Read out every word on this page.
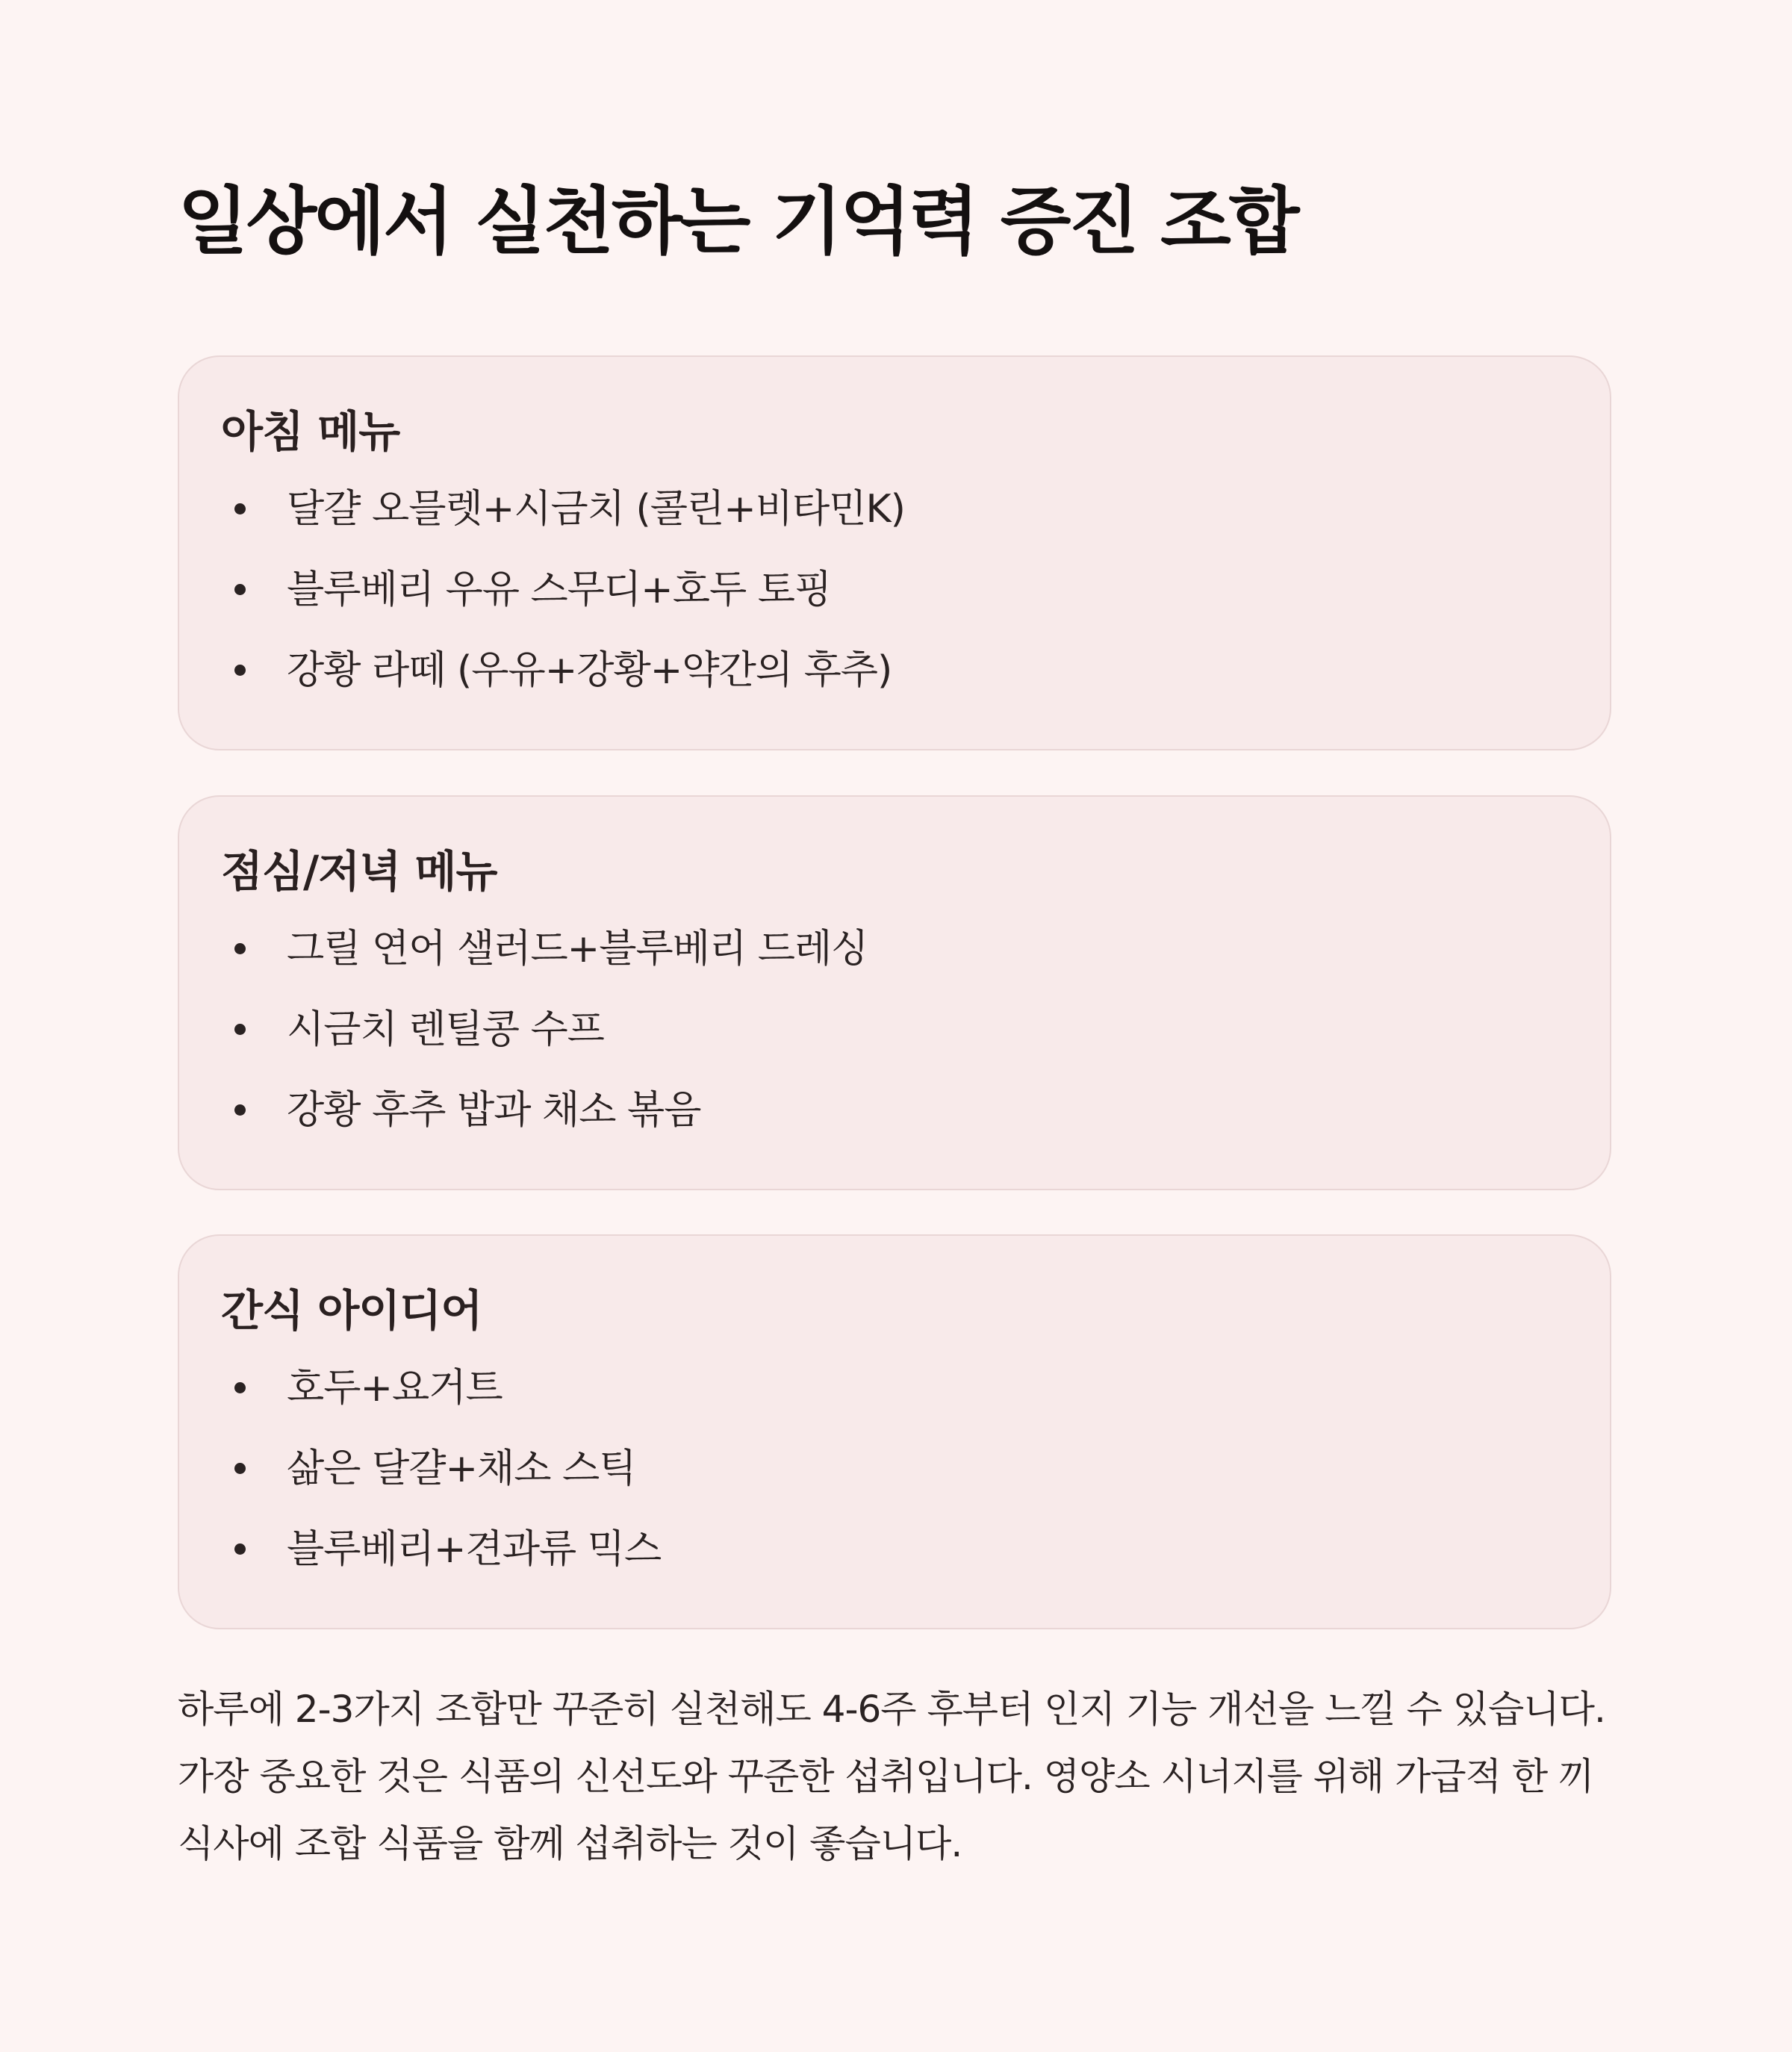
일상에서 실천하는 기억력 증진 조합
아침 메뉴
달걀 오믈렛+시금치 (콜린+비타민K)
블루베리 우유 스무디+호두 토핑
강황 라떼 (우유+강황+약간의 후추)
점심/저녁 메뉴
그릴 연어 샐러드+블루베리 드레싱
시금치 렌틸콩 수프
강황 후추 밥과 채소 볶음
간식 아이디어
호두+요거트
삶은 달걀+채소 스틱
블루베리+견과류 믹스

하루에 2-3가지 조합만 꾸준히 실천해도 4-6주 후부터 인지 기능 개선을 느낄 수 있습니다. 가장 중요한 것은 식품의 신선도와 꾸준한 섭취입니다. 영양소 시너지를 위해 가급적 한 끼 식사에 조합 식품을 함께 섭취하는 것이 좋습니다.
